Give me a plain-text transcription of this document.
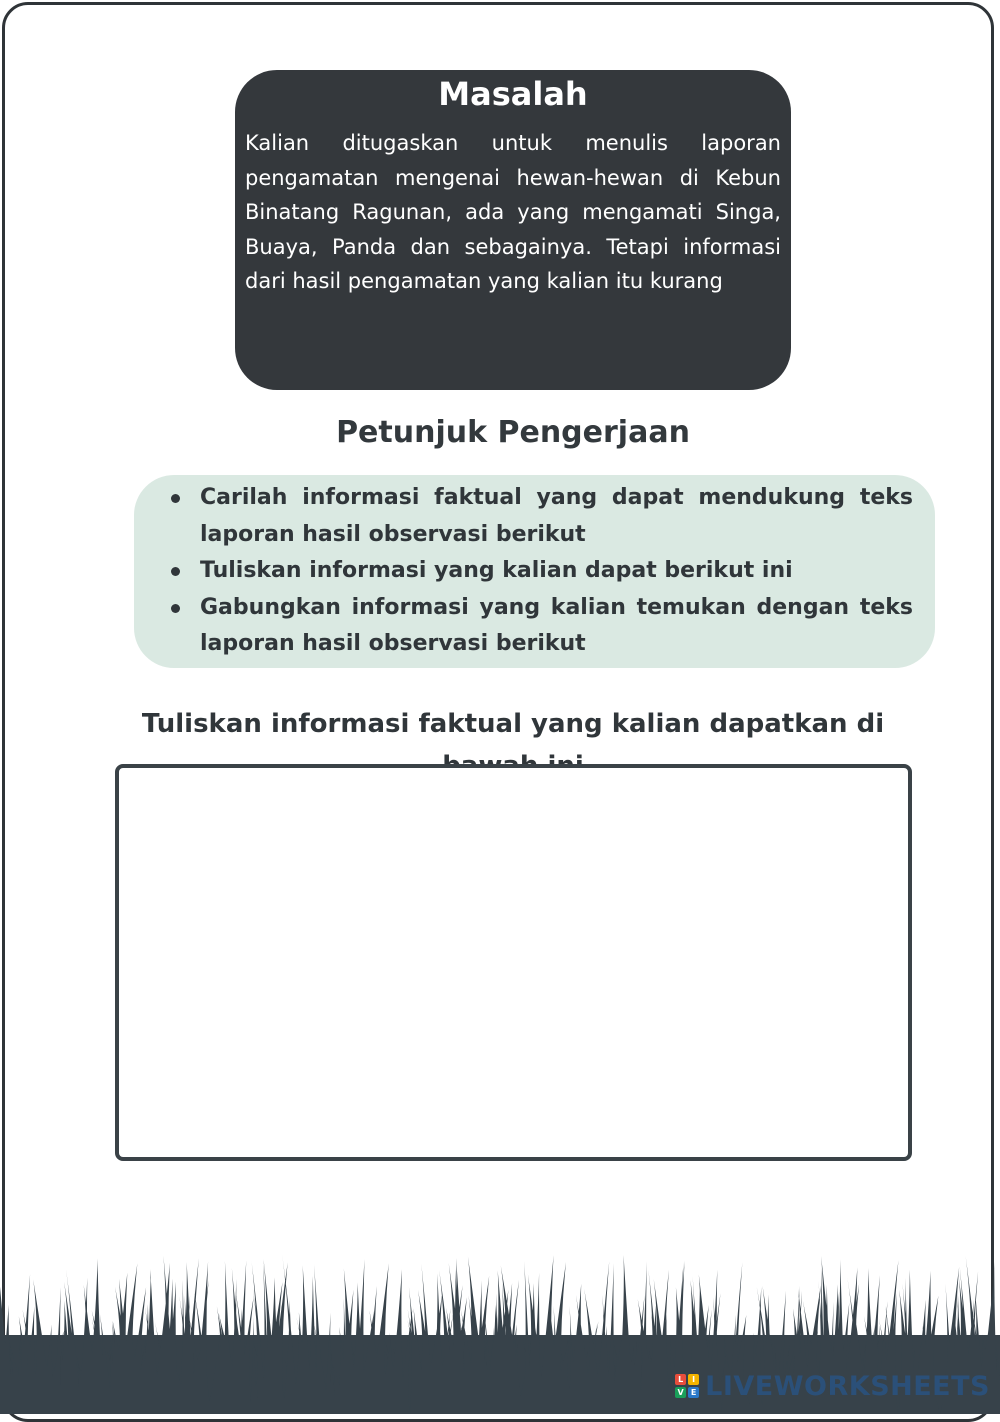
Masalah

Kalian ditugaskan untuk menulis laporan pengamatan mengenai hewan-hewan di Kebun Binatang Ragunan, ada yang mengamati Singa, Buaya, Panda dan sebagainya. Tetapi informasi dari hasil pengamatan yang kalian itu kurang

Petunjuk Pengerjaan
Carilah informasi faktual yang dapat mendukung teks laporan hasil observasi berikut
Tuliskan informasi yang kalian dapat berikut ini
Gabungkan informasi yang kalian temukan dengan teks laporan hasil observasi berikut
Tuliskan informasi faktual yang kalian dapatkan di
L	I
V E LIVEWORKSHEETS
